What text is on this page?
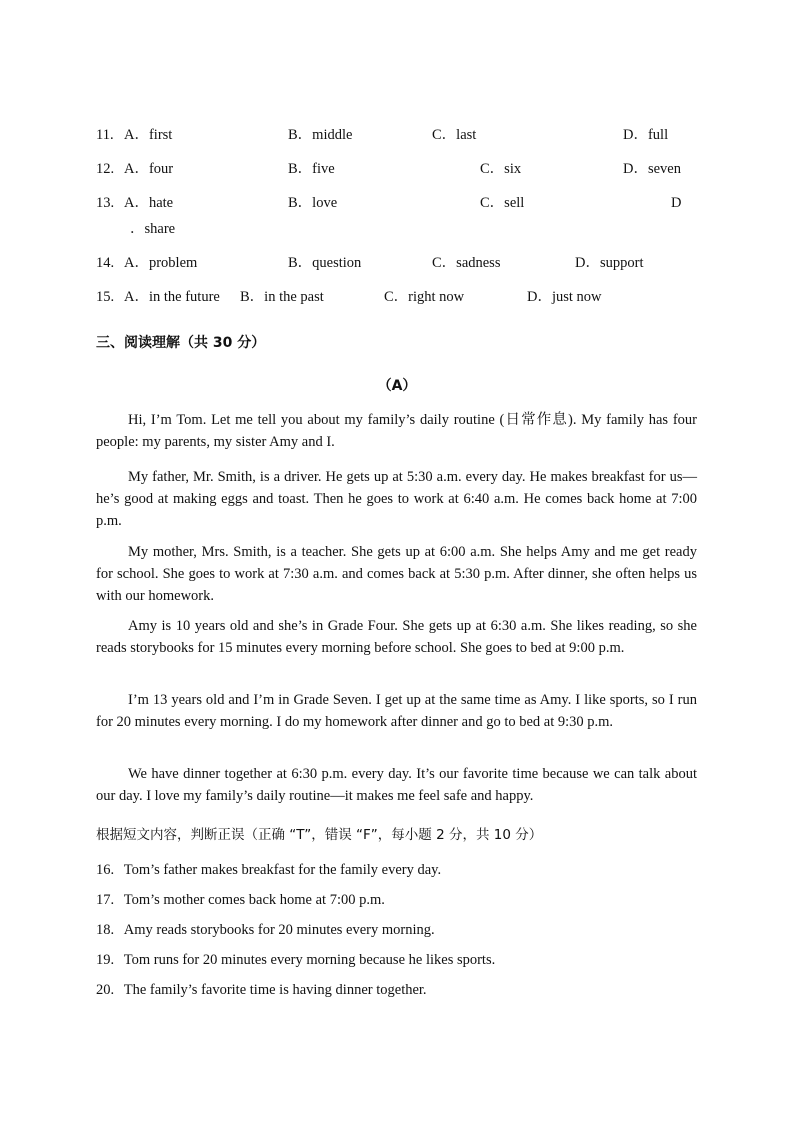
11. A．first	B．middle	C．last	D．full
12. A．four	B．five	C．six	D．seven
13. A．hate	B．love	C．sell	D
．share
14. A．problem	B．question	C．sadness	D．support
15. A．in the future B．in the past	C．right now	D．just now
三、阅读理解（共 30 分）
（A）

Hi, I’m Tom. Let me tell you about my family’s daily routine (日常作息). My family has four people: my parents, my sister Amy and I.

My father, Mr. Smith, is a driver. He gets up at 5:30 a.m. every day. He makes breakfast for us—he’s good at making eggs and toast. Then he goes to work at 6:40 a.m. He comes back home at 7:00 p.m.

My mother, Mrs. Smith, is a teacher. She gets up at 6:00 a.m. She helps Amy and me get ready for school. She goes to work at 7:30 a.m. and comes back at 5:30 p.m. After dinner, she often helps us with our homework.

Amy is 10 years old and she’s in Grade Four. She gets up at 6:30 a.m. She likes reading, so she reads storybooks for 15 minutes every morning before school. She goes to bed at 9:00 p.m.

I’m 13 years old and I’m in Grade Seven. I get up at the same time as Amy. I like sports, so I run for 20 minutes every morning. I do my homework after dinner and go to bed at 9:30 p.m.

We have dinner together at 6:30 p.m. every day. It’s our favorite time because we can talk about our day. I love my family’s daily routine—it makes me feel safe and happy.

根据短文内容，判断正误（正确 “T”，错误 “F”，每小题 2 分，共 10 分）
16. Tom’s father makes breakfast for the family every day.
17. Tom’s mother comes back home at 7:00 p.m.
18. Amy reads storybooks for 20 minutes every morning.
19. Tom runs for 20 minutes every morning because he likes sports.
20. The family’s favorite time is having dinner together.
